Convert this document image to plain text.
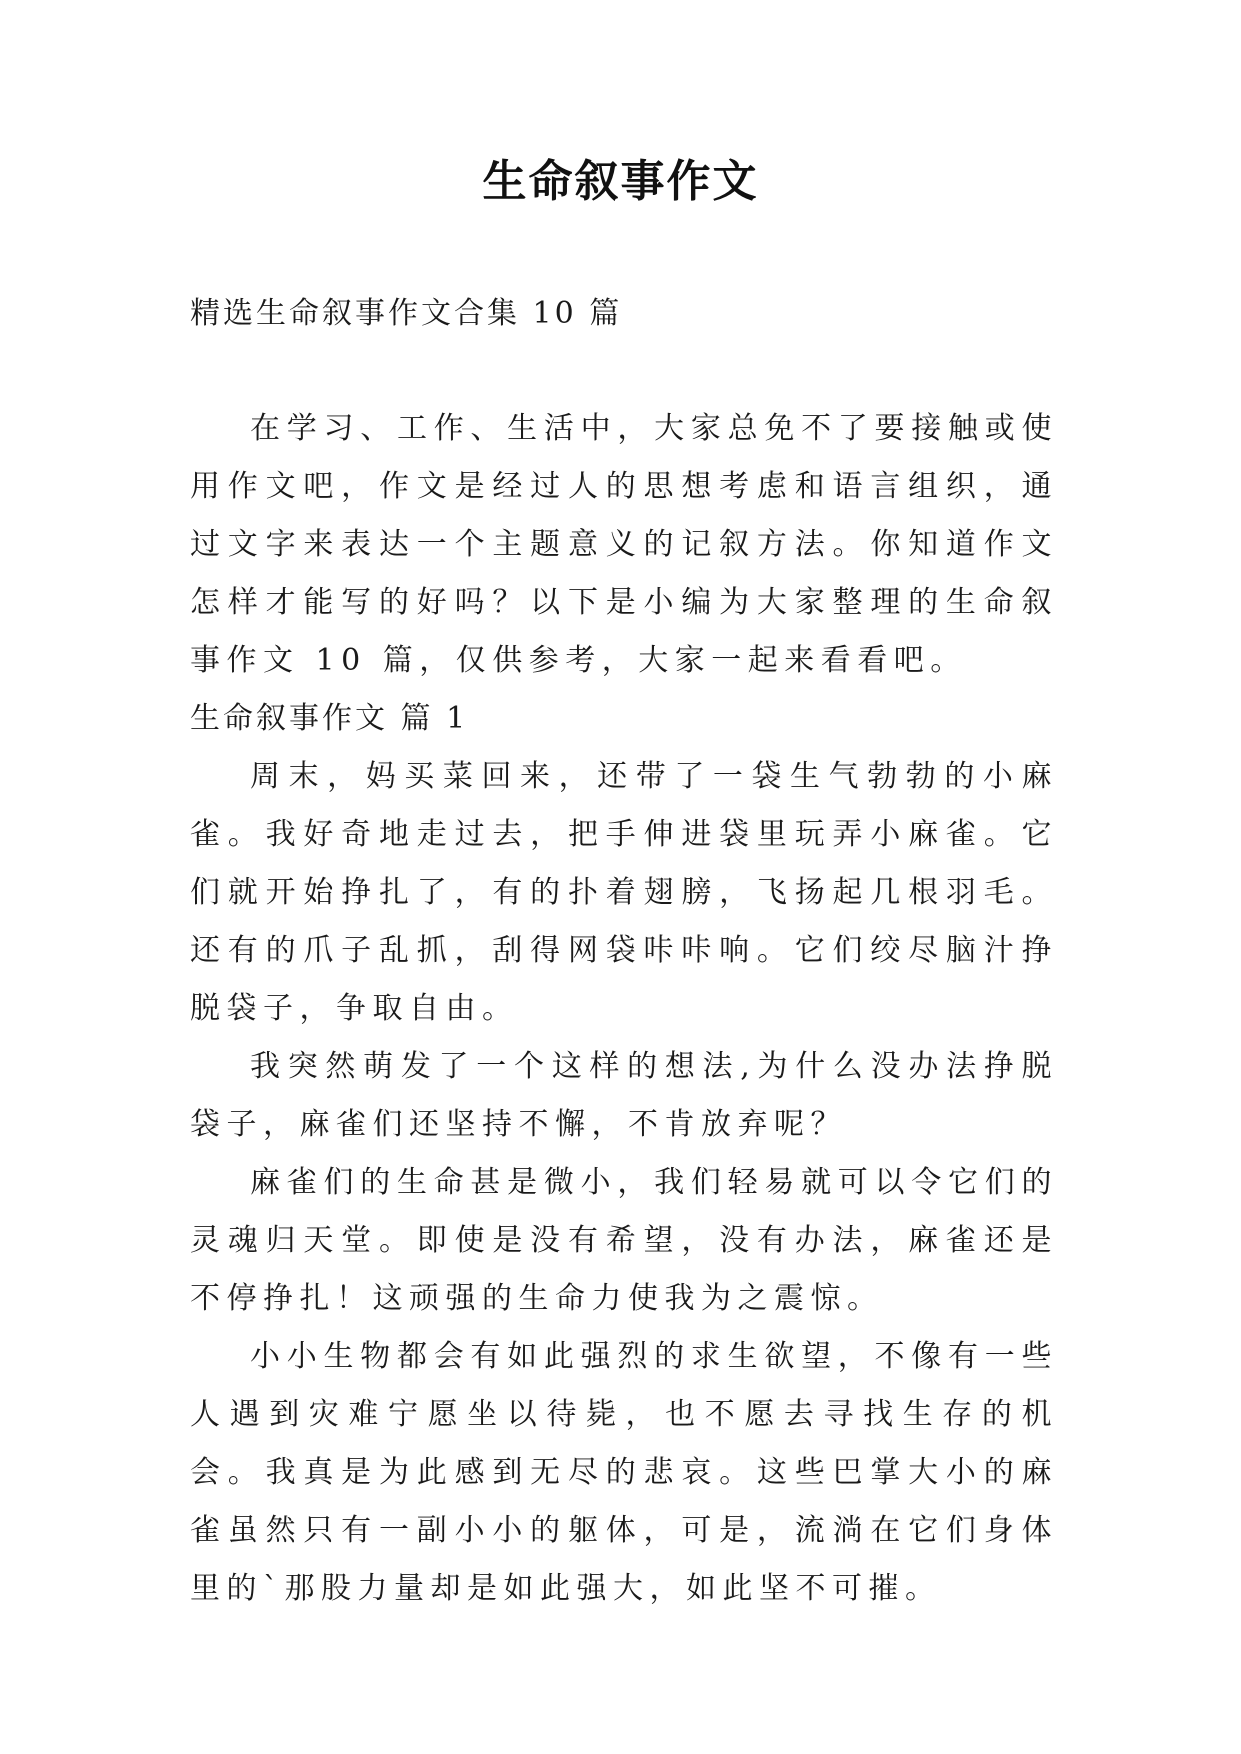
生命叙事作文
精选生命叙事作文合集 10 篇

在学习、工作、生活中，大家总免不了要接触或使用作文吧，作文是经过人的思想考虑和语言组织，通过文字来表达一个主题意义的记叙方法。你知道作文怎样才能写的好吗？以下是小编为大家整理的生命叙事作文 10 篇，仅供参考，大家一起来看看吧。

生命叙事作文 篇 1

周末，妈买菜回来，还带了一袋生气勃勃的小麻雀。我好奇地走过去，把手伸进袋里玩弄小麻雀。它们就开始挣扎了，有的扑着翅膀，飞扬起几根羽毛。还有的爪子乱抓，刮得网袋咔咔响。它们绞尽脑汁挣脱袋子，争取自由。

我突然萌发了一个这样的想法,为什么没办法挣脱袋子，麻雀们还坚持不懈，不肯放弃呢？

麻雀们的生命甚是微小，我们轻易就可以令它们的灵魂归天堂。即使是没有希望，没有办法，麻雀还是不停挣扎！这顽强的生命力使我为之震惊。

小小生物都会有如此强烈的求生欲望，不像有一些人遇到灾难宁愿坐以待毙，也不愿去寻找生存的机会。我真是为此感到无尽的悲哀。这些巴掌大小的麻雀虽然只有一副小小的躯体，可是，流淌在它们身体里的`那股力量却是如此强大，如此坚不可摧。
